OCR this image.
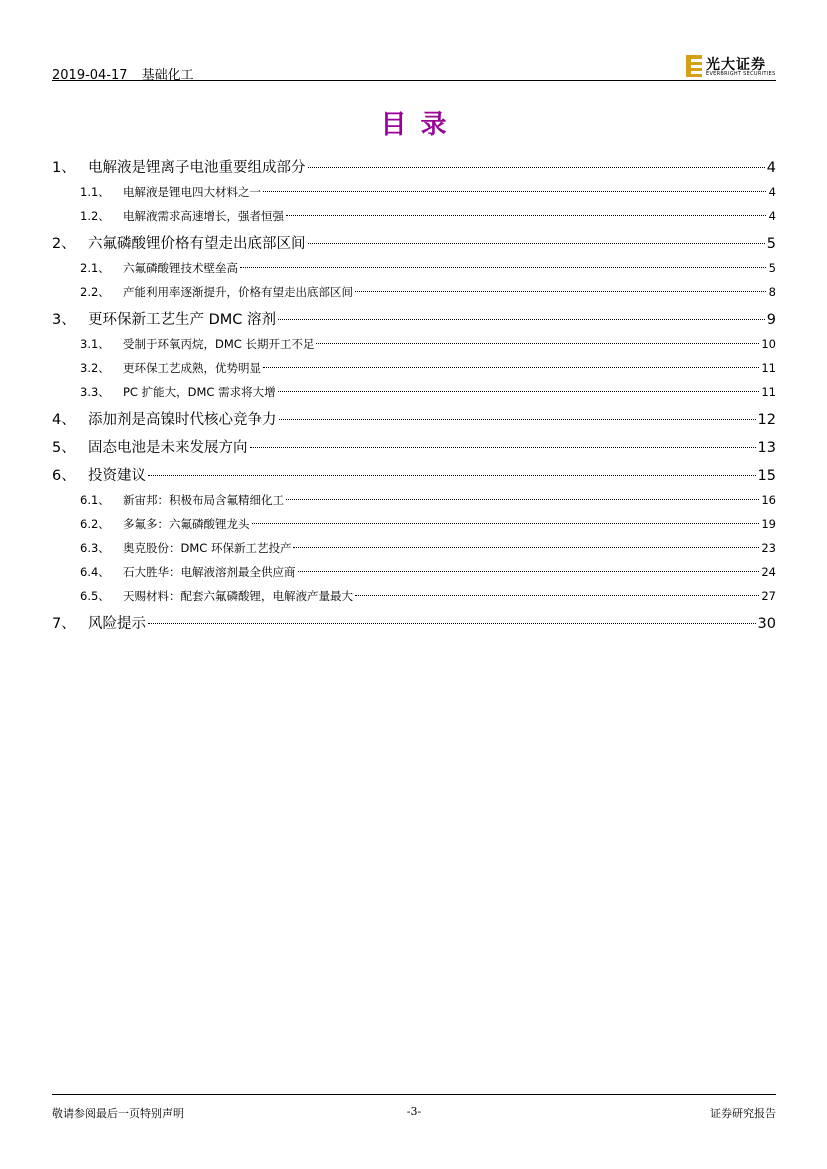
2019-04-17 基础化工
光大证券
EVERBRIGHT SECURITIES
目录
1、 电解液是锂离子电池重要组成部分	4
1.1、	电解液是锂电四大材料之一	4
1.2、	电解液需求高速增长，强者恒强	4
2、 六氟磷酸锂价格有望走出底部区间	5
2.1、	六氟磷酸锂技术壁垒高	5
2.2、	产能利用率逐渐提升，价格有望走出底部区间	8
3、 更环保新工艺生产 DMC 溶剂	9
3.1、	受制于环氧丙烷，DMC 长期开工不足	10
3.2、	更环保工艺成熟，优势明显	11
3.3、	PC 扩能大，DMC 需求将大增	11
4、 添加剂是高镍时代核心竞争力	12
5、 固态电池是未来发展方向	13
6、 投资建议	15
6.1、	新宙邦：积极布局含氟精细化工	16
6.2、	多氟多：六氟磷酸锂龙头	19
6.3、	奥克股份：DMC 环保新工艺投产	23
6.4、	石大胜华：电解液溶剂最全供应商	24
6.5、	天赐材料：配套六氟磷酸锂，电解液产量最大	27
7、 风险提示	30
敬请参阅最后一页特别声明	-3-	证券研究报告
